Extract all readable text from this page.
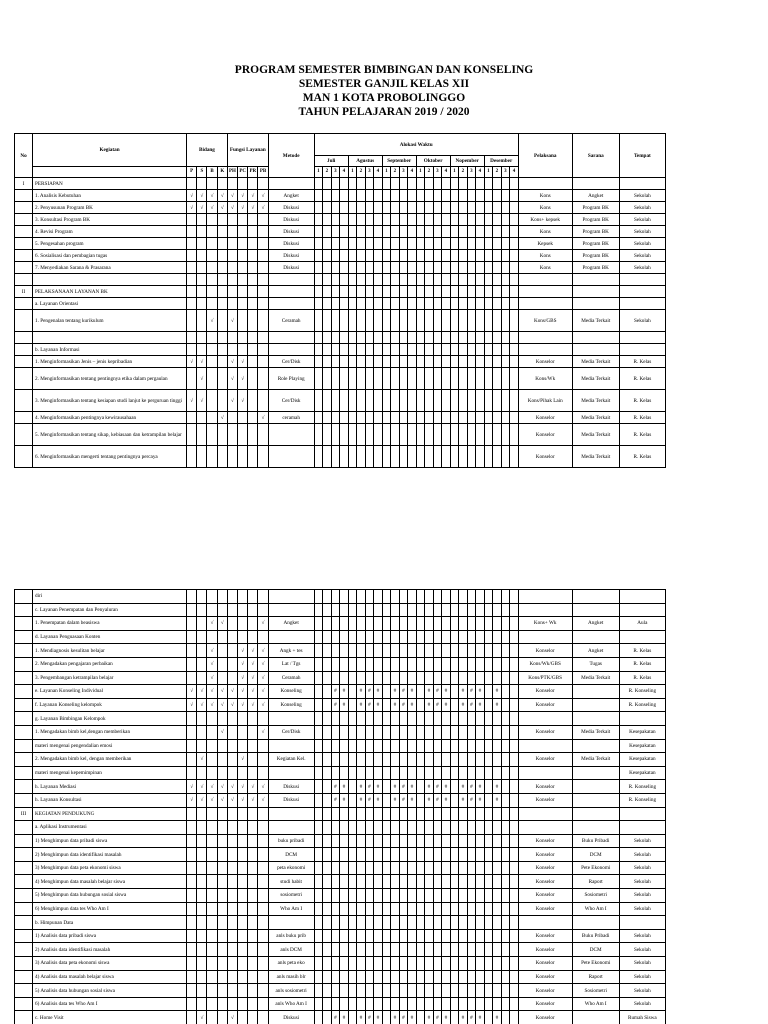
PROGRAM SEMESTER BIMBINGAN DAN KONSELING
SEMESTER GANJIL KELAS XII
MAN 1 KOTA PROBOLINGGO
TAHUN PELAJARAN 2019 / 2020
No	Kegiatan	Bidang				Fungsi Layanan				Metode	Alokasi Waktu																								Pelaksana	Sarana	Tempat
											Juli				Agustus				September				Oktober				Nopember				Desember						
		P	S	B	K	PH	PC	PR	PB		1	2	3	4	1	2	3	4	1	2	3	4	1	2	3	4	1	2	3	4	1	2	3	4			
I	PERSIAPAN																																				
	1. Analisis Kebutuhan	√	√	√	√	√	√	√	√	Angket																									Kons	Angket	Sekolah
	2. Penyusunan Program BK	√	√	√	√	√	√	√	√	Diskusi																									Kons	Program BK	Sekolah
	3. Konsultasi Program BK									Diskusi																									Kons+ kepsek	Program BK	Sekolah
	4. Revisi Program									Diskusi																									Kons	Program BK	Sekolah
	5. Pengesahan program									Diskusi																									Kepsek	Program BK	Sekolah
	6. Sosialisasi dan pembagian tugas									Diskusi																									Kons	Program BK	Sekolah
	7. Menyediakan Sarana & Prasarana									Diskusi																									Kons	Program BK	Sekolah

II	PELAKSANAAN LAYANAN BK																																				
	a. Layanan Orientasi																																				
	1. Pengenalan tentang kurikulum			√		√				Ceramah																									Kons/GBS	Media Terkait	Sekolah

	b. Layanan Informasi																																				
	1. Menginformasikan Jenis – jenis kepribadian	√	√			√	√			Cer/Disk																									Konselor	Media Terkait	R. Kelas
	2. Menginformasikan tentang pentingnya etika dalam pergaulan		√			√	√			Role Playing																									Kons/Wk	Media Terkait	R. Kelas
	3. Menginformasikan tentang kesiapan studi lanjut ke perguruan tinggi	√	√			√	√			Cer/Disk																									Kons/Pihak Lain	Media Terkait	R. Kelas
	4. Menginformasikan pentingnya kewirausahaan				√				√	ceramah																									Konselor	Media Terkait	R. Kelas
	5. Menginformasikan tentang sikap, kebiasaan dan ketrampilan belajar																																		Konselor	Media Terkait	R. Kelas
	6. Menginformasikan mengerti tentang pentingnya percaya																																		Konselor	Media Terkait	R. Kelas
	diri																																				
	c. Layanan Penempatan dan Penyaluran																																				
	1. Penempatan dalam beasiswa			√	√				√	Angket																									Kons+ Wk	Angket	Aula
	d. Layanan Penguasaan Konten																																				
	1. Mendiagnosis kesulitan belajar			√			√	√	√	Angk + tes																									Konselor	Angket	R. Kelas
	2. Mengadakan pengajaran perbaikan			√			√	√	√	Lat / Tgs																									Kons/Wk/GBS	Tugas	R. Kelas
	3. Pengembangan ketrampilan belajar			√			√	√	√	Ceramah																									Kons/PTK/GBS	Media Terkait	R. Kelas
	e. Layanan Konseling Individual	√	√	√	√	√	√	√	√	Konseling			#	#		#	#	#		#	#	#		#	#	#		#	#	#		#			Konselor		R. Konseling
	f. Layanan Konseling kelompok	√	√	√	√	√	√	√	√	Konseling			#	#		#	#	#		#	#	#		#	#	#		#	#	#		#			Konselor		R. Konseling
	g. Layanan Bimbingan Kelompok																																				
	1. Mengadakan bimb kel,dengan memberikan				√				√	Cer/Disk																									Konselor	Media Terkait	Kesepakatan
	materi mengenai pengendalian emosi																																				Kesepakatan
	2. Mengadakan bimb kel, dengan memberikan		√				√			Kegiatan Kel.																									Konselor	Media Terkait	Kesepakatan
	materi mengenai kepemimpinan																																				Kesepakatan
	h. Layanan Mediasi	√	√	√	√	√	√	√	√	Diskusi			#	#		#	#	#		#	#	#		#	#	#		#	#	#		#			Konselor		R. Konseling
	h. Layanan Konsultasi	√	√	√	√	√	√	√	√	Diskusi			#	#		#	#	#		#	#	#		#	#	#		#	#	#		#			Konselor		R. Konseling
III	KEGIATAN PENDUKUNG																																				
	a. Aplikasi Instrumentasi																																				
	1) Menghimpun data pribadi siswa									buku pribadi																									Konselor	Buku Pribadi	Sekolah
	2) Menghimpun data identifikasi masalah									DCM																									Konselor	DCM	Sekolah
	3) Menghimpun data peta ekonomi siswa									peta ekonomi																									Konselor	Pete Ekonomi	Sekolah
	4) Menghimpun data masalah belajar siswa									studi habit																									Konselor	Raport	Sekolah
	5) Menghimpun data hubungan sosial siswa									sosiometri																									Konselor	Sosiometri	Sekolah
	6) Menghimpun data tes Who Am I									Who Am I																									Konselor	Who Am I	Sekolah
	b. Himpunan Data																																				
	1) Analisis data pribadi siswa									anls buku prib																									Konselor	Buku Pribadi	Sekolah
	2) Analisis data identifikasi masalah									anls DCM																									Konselor	DCM	Sekolah
	3) Analisis data peta ekonomi siswa									anls peta eko																									Konselor	Pete Ekonomi	Sekolah
	4) Analisis data masalah belajar siswa									anls masih blr																									Konselor	Raport	Sekolah
	5) Analisis data hubungan sosial siswa									anls sosiometri																									Konselor	Sosiometri	Sekolah
	6) Analisis data tes Who Am I									anls Who Am I																									Konselor	Who Am I	Sekolah
	c. Home Visit		√			√				Diskusi			#	#		#	#	#		#	#	#		#	#	#		#	#	#		#			Konselor		Rumah Siswa
